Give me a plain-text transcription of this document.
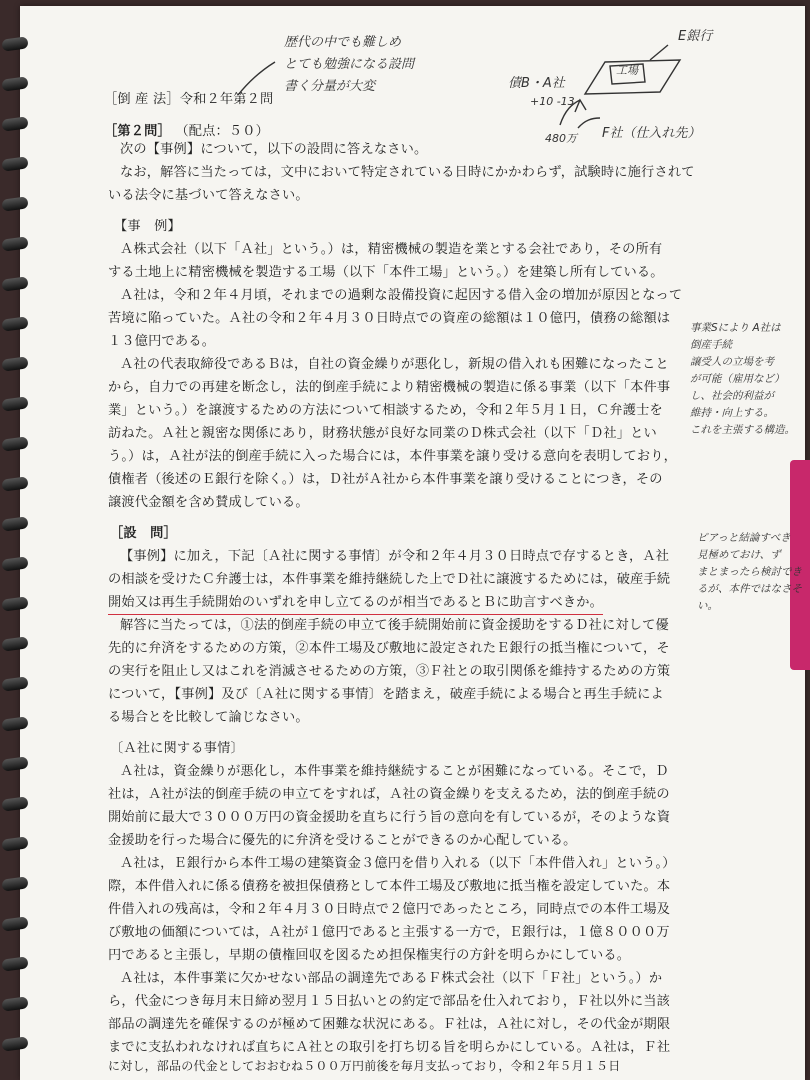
歴代の中でも難しめ
とても勉強になる設問
書く分量が大変
E銀行
工場
債B・A社
+10 -13
480万 F社（仕入れ先）
事業Sにより A社は
倒産手続
譲受人の立場を考
が可能（雇用など）
し、社会的利益が
維持・向上する。
これを主張する構造。
ピアっと結論すべき
見極めておけ、ず
まとまったら検討でき
るが、本件ではなさそ
い。
［倒 産 法］令和２年第２問
［第２問］ （配点：５０）
次の【事例】について，以下の設問に答えなさい。
なお，解答に当たっては，文中において特定されている日時にかかわらず，試験時に施行されて
いる法令に基づいて答えなさい。
【事　例】
Ａ株式会社（以下「Ａ社」という。）は，精密機械の製造を業とする会社であり，その所有
する土地上に精密機械を製造する工場（以下「本件工場」という。）を建築し所有している。
Ａ社は，令和２年４月頃，それまでの過剰な設備投資に起因する借入金の増加が原因となって
苦境に陥っていた。Ａ社の令和２年４月３０日時点での資産の総額は１０億円，債務の総額は
１３億円である。
Ａ社の代表取締役であるＢは，自社の資金繰りが悪化し，新規の借入れも困難になったこと
から，自力での再建を断念し，法的倒産手続により精密機械の製造に係る事業（以下「本件事
業」という。）を譲渡するための方法について相談するため，令和２年５月１日，Ｃ弁護士を
訪ねた。Ａ社と親密な関係にあり，財務状態が良好な同業のＤ株式会社（以下「Ｄ社」とい
う。）は，Ａ社が法的倒産手続に入った場合には，本件事業を譲り受ける意向を表明しており，
債権者（後述のＥ銀行を除く。）は，Ｄ社がＡ社から本件事業を譲り受けることにつき，その
譲渡代金額を含め賛成している。
［設　問］
【事例】に加え，下記〔Ａ社に関する事情〕が令和２年４月３０日時点で存するとき，Ａ社
の相談を受けたＣ弁護士は，本件事業を維持継続した上でＤ社に譲渡するためには，破産手続
開始又は再生手続開始のいずれを申し立てるのが相当であるとＢに助言すべきか。
解答に当たっては，①法的倒産手続の申立て後手続開始前に資金援助をするＤ社に対して優
先的に弁済をするための方策，②本件工場及び敷地に設定されたＥ銀行の抵当権について，そ
の実行を阻止し又はこれを消滅させるための方策，③Ｆ社との取引関係を維持するための方策
について，【事例】及び〔Ａ社に関する事情〕を踏まえ，破産手続による場合と再生手続によ
る場合とを比較して論じなさい。
〔Ａ社に関する事情〕
Ａ社は，資金繰りが悪化し，本件事業を維持継続することが困難になっている。そこで，Ｄ
社は，Ａ社が法的倒産手続の申立てをすれば，Ａ社の資金繰りを支えるため，法的倒産手続の
開始前に最大で３０００万円の資金援助を直ちに行う旨の意向を有しているが，そのような資
金援助を行った場合に優先的に弁済を受けることができるのか心配している。
Ａ社は，Ｅ銀行から本件工場の建築資金３億円を借り入れる（以下「本件借入れ」という。）
際，本件借入れに係る債務を被担保債務として本件工場及び敷地に抵当権を設定していた。本
件借入れの残高は，令和２年４月３０日時点で２億円であったところ，同時点での本件工場及
び敷地の価額については，Ａ社が１億円であると主張する一方で，Ｅ銀行は，１億８０００万
円であると主張し，早期の債権回収を図るため担保権実行の方針を明らかにしている。
Ａ社は，本件事業に欠かせない部品の調達先であるＦ株式会社（以下「Ｆ社」という。）か
ら，代金につき毎月末日締め翌月１５日払いとの約定で部品を仕入れており，Ｆ社以外に当該
部品の調達先を確保するのが極めて困難な状況にある。Ｆ社は，Ａ社に対し，その代金が期限
までに支払われなければ直ちにＡ社との取引を打ち切る旨を明らかにしている。Ａ社は，Ｆ社
に対し，部品の代金としておおむね５００万円前後を毎月支払っており，令和２年５月１５日
